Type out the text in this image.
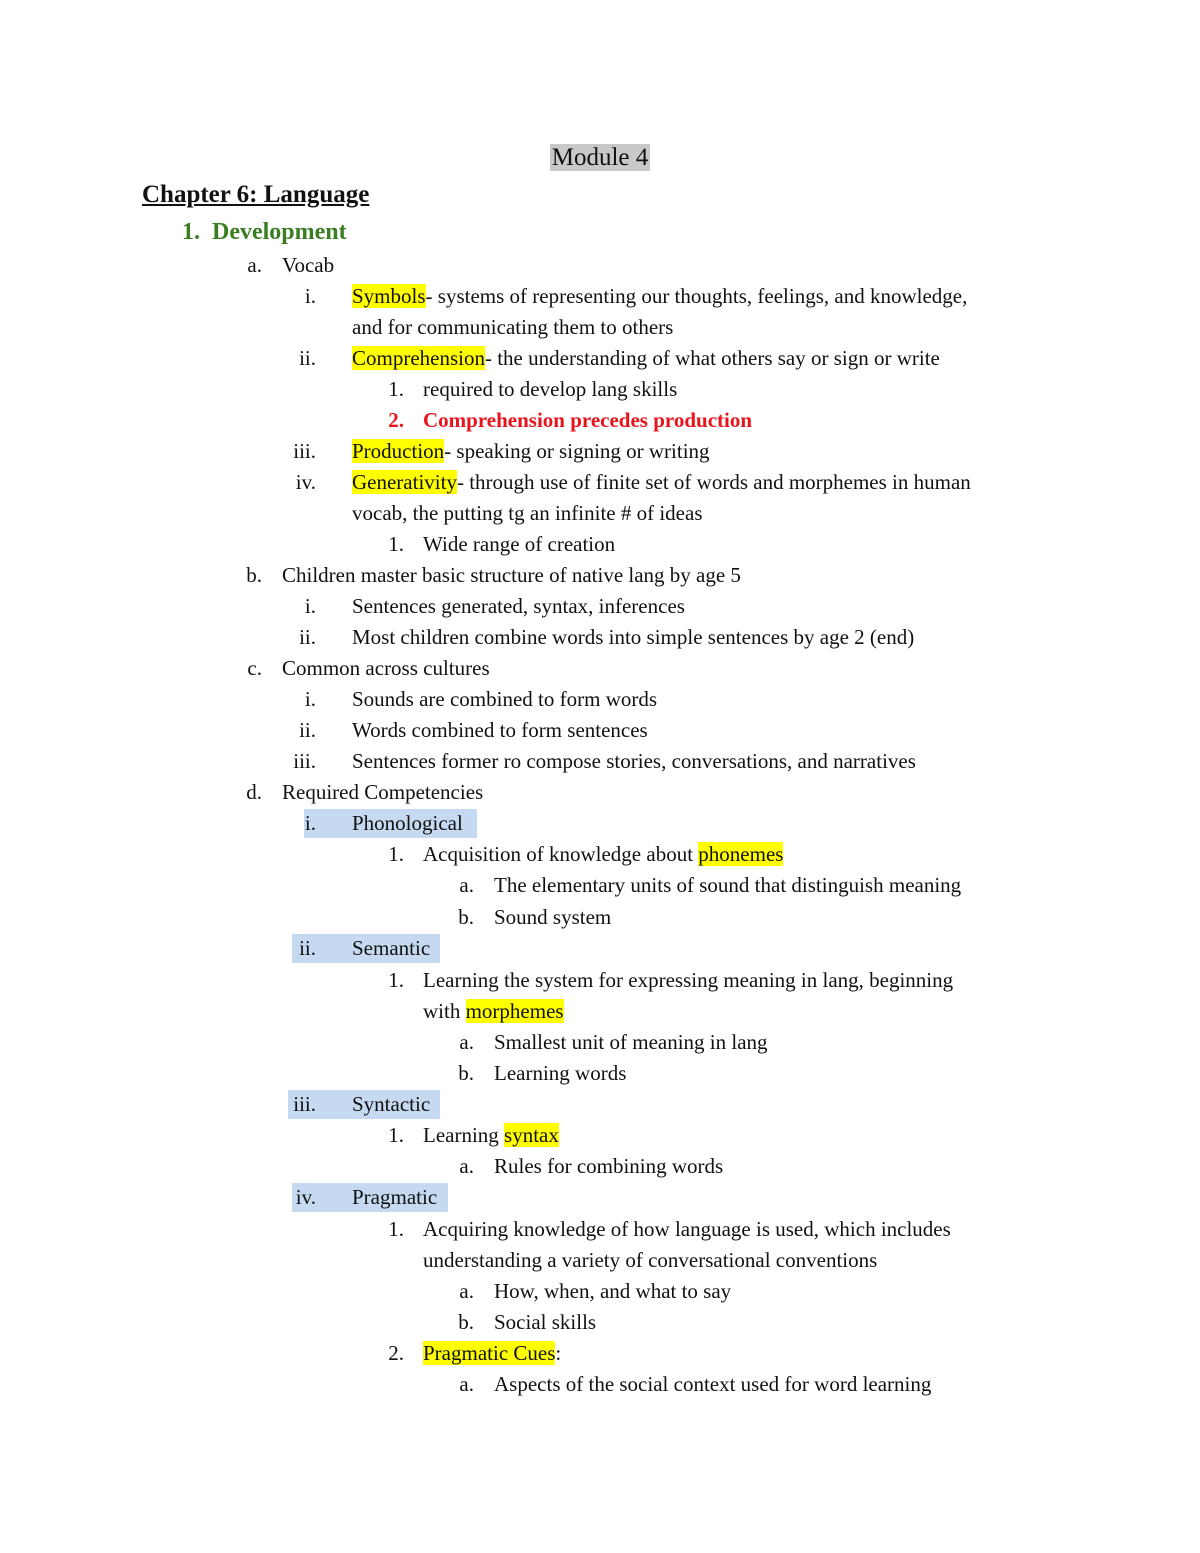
Module 4
Chapter 6: Language
1. Development
a. Vocab
i. Symbols- systems of representing our thoughts, feelings, and knowledge,
and for communicating them to others
ii. Comprehension- the understanding of what others say or sign or write
1. required to develop lang skills
2. Comprehension precedes production
iii. Production- speaking or signing or writing
iv. Generativity- through use of finite set of words and morphemes in human
vocab, the putting tg an infinite # of ideas
1. Wide range of creation
b. Children master basic structure of native lang by age 5
i. Sentences generated, syntax, inferences
ii. Most children combine words into simple sentences by age 2 (end)
c. Common across cultures
i. Sounds are combined to form words
ii. Words combined to form sentences
iii. Sentences former ro compose stories, conversations, and narratives
d. Required Competencies
i. Phonological
1. Acquisition of knowledge about phonemes
a. The elementary units of sound that distinguish meaning
b. Sound system
ii. Semantic
1. Learning the system for expressing meaning in lang, beginning
with morphemes
a. Smallest unit of meaning in lang
b. Learning words
iii. Syntactic
1. Learning syntax
a. Rules for combining words
iv. Pragmatic
1. Acquiring knowledge of how language is used, which includes
understanding a variety of conversational conventions
a. How, when, and what to say
b. Social skills
2. Pragmatic Cues:
a. Aspects of the social context used for word learning
